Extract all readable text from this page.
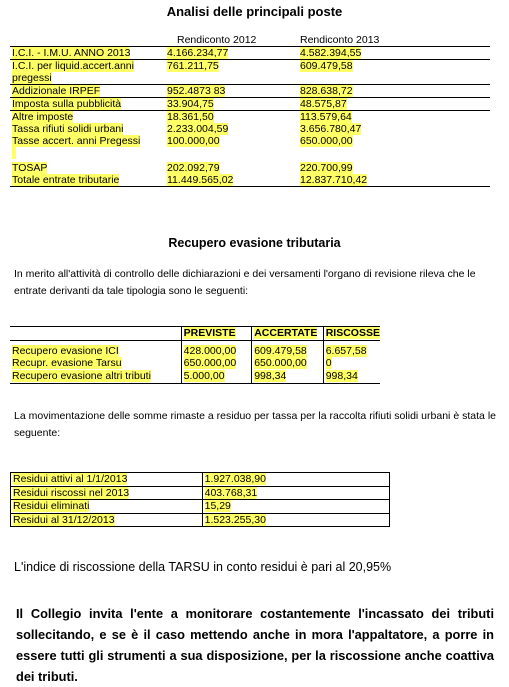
Analisi delle principali poste
	Rendiconto 2012	Rendiconto 2013
I.C.I. - I.M.U. ANNO 2013	4.166.234,77	4.582.394,55
I.C.I. per liquid.accert.anni pregessi	761.211,75	609.479,58
Addizionale IRPEF	952.4873 83	828.638,72
Imposta sulla pubblicità	33.904,75	48.575,87
Altre imposte	18.361,50	113.579,64
Tassa rifiuti solidi urbani	2.233.004,59	3.656.780,47
Tasse accert. anni Pregessi	100.000,00	650.000,00

TOSAP	202.092,79	220.700,99
Totale entrate tributarie	11.449.565,02	12.837.710,42
Recupero evasione tributaria
In merito all'attività di controllo delle dichiarazioni e dei versamenti l'organo di revisione rileva che le entrate derivanti da tale tipologia sono le seguenti:
	PREVISTE	ACCERTATE	RISCOSSE
Recupero evasione ICI	428.000,00	609.479,58	6.657,58
Recupr. evasione Tarsu	650.000,00	650.000,00	0
Recupero evasione altri tributi	5.000,00	998,34	998,34
La movimentazione delle somme rimaste a residuo per tassa per la raccolta rifiuti solidi urbani è stata le seguente:
Residui attivi al 1/1/2013	1.927.038,90
Residui riscossi nel 2013	403.768,31
Residui eliminati	15,29
Residui al 31/12/2013	1.523.255,30
L'indice di riscossione della TARSU in conto residui è pari al 20,95%
Il Collegio invita l'ente a monitorare costantemente l'incassato dei tributi sollecitando, e se è il caso mettendo anche in mora l'appaltatore, a porre in essere tutti gli strumenti a sua disposizione, per la riscossione anche coattiva dei tributi.
